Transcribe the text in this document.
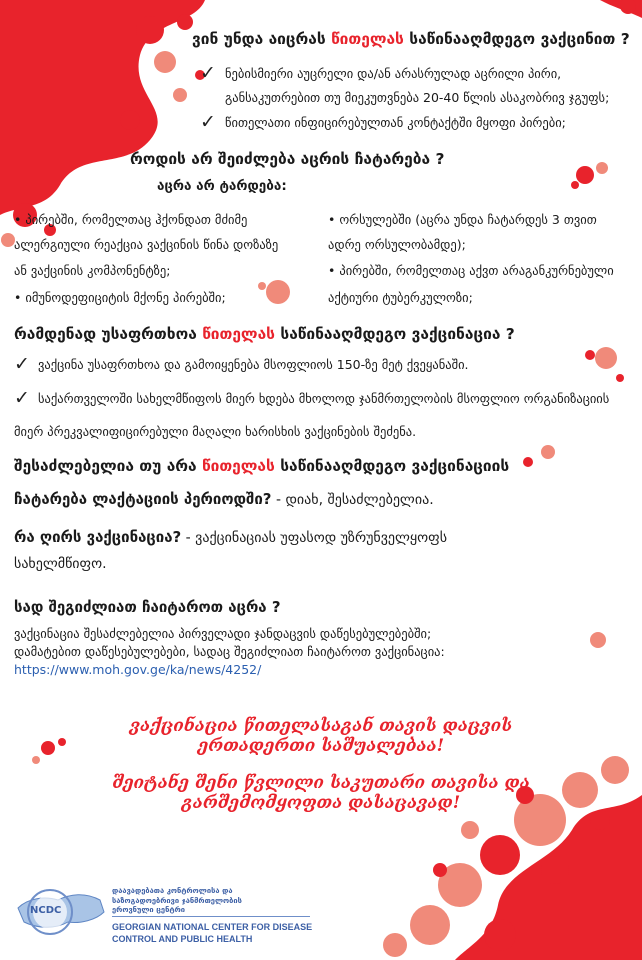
ვინ უნდა აიცრას წითელას საწინააღმდეგო ვაქცინით ?
✓ ნებისმიერი აუცრელი და/ან არასრულად აცრილი პირი,
განსაკუთრებით თუ მიეკუთვნება 20-40 წლის ასაკობრივ ჯგუფს;
✓ წითელათი ინფიცირებულთან კონტაქტში მყოფი პირები;
როდის არ შეიძლება აცრის ჩატარება ?
აცრა არ ტარდება:
• პირებში, რომელთაც ჰქონდათ მძიმე
ალერგიული რეაქცია ვაქცინის წინა დოზაზე
ან ვაქცინის კომპონენტზე;
• იმუნოდეფიციტის მქონე პირებში;
• ორსულებში (აცრა უნდა ჩატარდეს 3 თვით
ადრე ორსულობამდე);
• პირებში, რომელთაც აქვთ არაგანკურნებული
აქტიური ტუბერკულოზი;
რამდენად უსაფრთხოა წითელას საწინააღმდეგო ვაქცინაცია ?
✓ ვაქცინა უსაფრთხოა და გამოიყენება მსოფლიოს 150-ზე მეტ ქვეყანაში.
✓ საქართველოში სახელმწიფოს მიერ ხდება მხოლოდ ჯანმრთელობის მსოფლიო ორგანიზაციის
მიერ პრეკვალიფიცირებული მაღალი ხარისხის ვაქცინების შეძენა.
შესაძლებელია თუ არა წითელას საწინააღმდეგო ვაქცინაციის
ჩატარება ლაქტაციის პერიოდში? - დიახ, შესაძლებელია.
რა ღირს ვაქცინაცია? - ვაქცინაციას უფასოდ უზრუნველყოფს
სახელმწიფო.
სად შეგიძლიათ ჩაიტაროთ აცრა ?
ვაქცინაცია შესაძლებელია პირველადი ჯანდაცვის დაწესებულებებში;
დამატებით დაწესებულებები, სადაც შეგიძლიათ ჩაიტაროთ ვაქცინაცია:
https://www.moh.gov.ge/ka/news/4252/
ვაქცინაცია წითელასაგან თავის დაცვის
ერთადერთი საშუალებაა!
შეიტანე შენი წვლილი საკუთარი თავისა და
გარშემომყოფთა დასაცავად!
NCDC
დაავადებათა კონტროლისა და
საზოგადოებრივი ჯანმრთელობის
ეროვნული ცენტრი
GEORGIAN NATIONAL CENTER FOR DISEASE
CONTROL AND PUBLIC HEALTH
